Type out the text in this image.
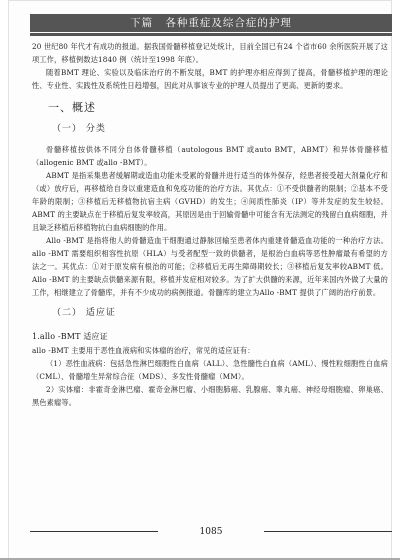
下篇 各种重症及综合症的护理

20 世纪80 年代才有成功的报道。据我国骨髓移植登记处统计，目前全国已有24 个省市60 余所医院开展了这项工作，移植例数达1840 例（统计至1998 年底）。

随着BMT 理论、实验以及临床治疗的不断发展，BMT 的护理亦相应得到了提高，骨髓移植护理的理论性、专业性、实践性及系统性日趋增强，因此对从事该专业的护理人员提出了更高、更新的要求。

一、概述
（一） 分类

骨髓移植按供体不同分自体骨髓移植（autologous BMT 或auto BMT，ABMT）和异体骨髓移植（allogenic BMT 或allo -BMT）。

ABMT 是指采集患者缓解期或造血功能未受累的骨髓并进行适当的体外保存，经患者接受超大剂量化疗和（或）放疗后，再移植给自身以重建造血和免疫功能的治疗方法。其优点：①不受供髓者的限制；②基本不受年龄的限制；③移植后无移植物抗宿主病（GVHD）的发生；④间质性肺炎（IP）等并发症的发生较轻。ABMT 的主要缺点在于移植后复发率较高，其原因是由于回输骨髓中可能含有无法测定的残留白血病细胞，并且缺乏移植后移植物抗白血病细胞的作用。

Allo -BMT 是指将他人的骨髓造血干细胞通过静脉回输至患者体内重建骨髓造血功能的一种治疗方法。allo -BMT 需要组织相容性抗原（HLA）与受者配型一致的供髓者，是根治白血病等恶性肿瘤最有希望的方法之一。其优点：①对于原发病有根治的可能；②移植后无再生障碍期较长；③移植后复发率较ABMT 低。Allo -BMT 的主要缺点供髓来源有限，移植并发症相对较多。为了扩大供髓的来源，近年来国内外做了大量的工作，相继建立了骨髓库，并有不少成功的病例报道。骨髓库的建立为Allo -BMT 提供了广阔的治疗前景。

（二） 适应证
1.allo -BMT 适应证

allo -BMT 主要用于恶性血液病和实体瘤的治疗，常见的适应证有：

（1）恶性血液病：包括急性淋巴细胞性白血病（ALL）、急性髓性白血病（AML）、慢性粒细胞性白血病（CML）、骨髓增生异常综合征（MDS）、多发性骨髓瘤（MM）。

2）实体瘤：非霍奇金淋巴瘤、霍奇金淋巴瘤、小细胞肺癌、乳腺癌、睾丸癌、神经母细胞瘤、卵巢癌、黑色素瘤等。

1085
